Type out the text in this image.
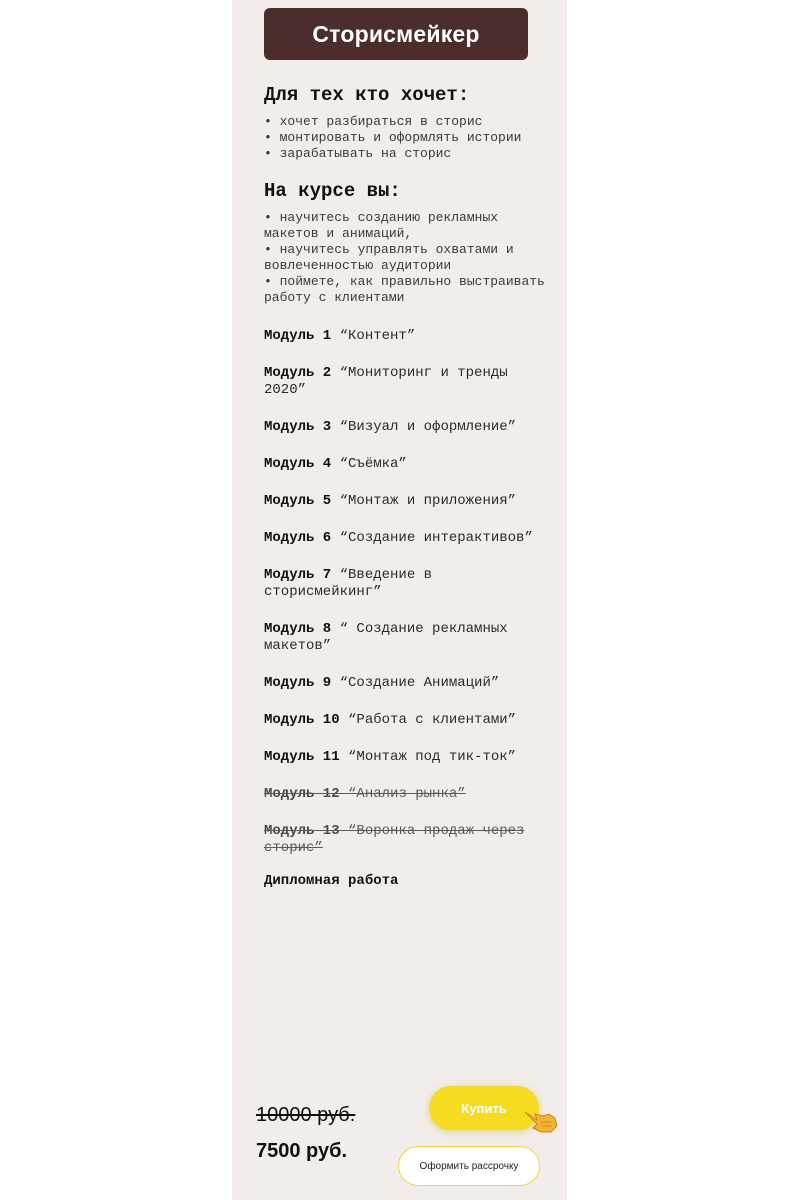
Сторисмейкер
Для тех кто хочет:
• хочет разбираться в сторис
• монтировать и оформлять истории
• зарабатывать на сторис
На курсе вы:
• научитесь созданию рекламных макетов и анимаций,
• научитесь управлять охватами и вовлеченностью аудитории
• поймете, как правильно выстраивать работу с клиентами
Модуль 1 “Контент”
Модуль 2 “Мониторинг и тренды 2020”
Модуль 3 “Визуал и оформление”
Модуль 4 “Съёмка”
Модуль 5 “Монтаж и приложения”
Модуль 6 “Создание интерактивов”
Модуль 7 “Введение в сторисмейкинг”
Модуль 8 “ Создание рекламных макетов”
Модуль 9 “Создание Анимаций”
Модуль 10 “Работа с клиентами”
Модуль 11 “Монтаж под тик-ток”
Модуль 12 “Анализ рынка”
Модуль 13 “Воронка продаж через сторис”
Дипломная работа
10000 руб.
7500 руб.
Купить
Оформить рассрочку
